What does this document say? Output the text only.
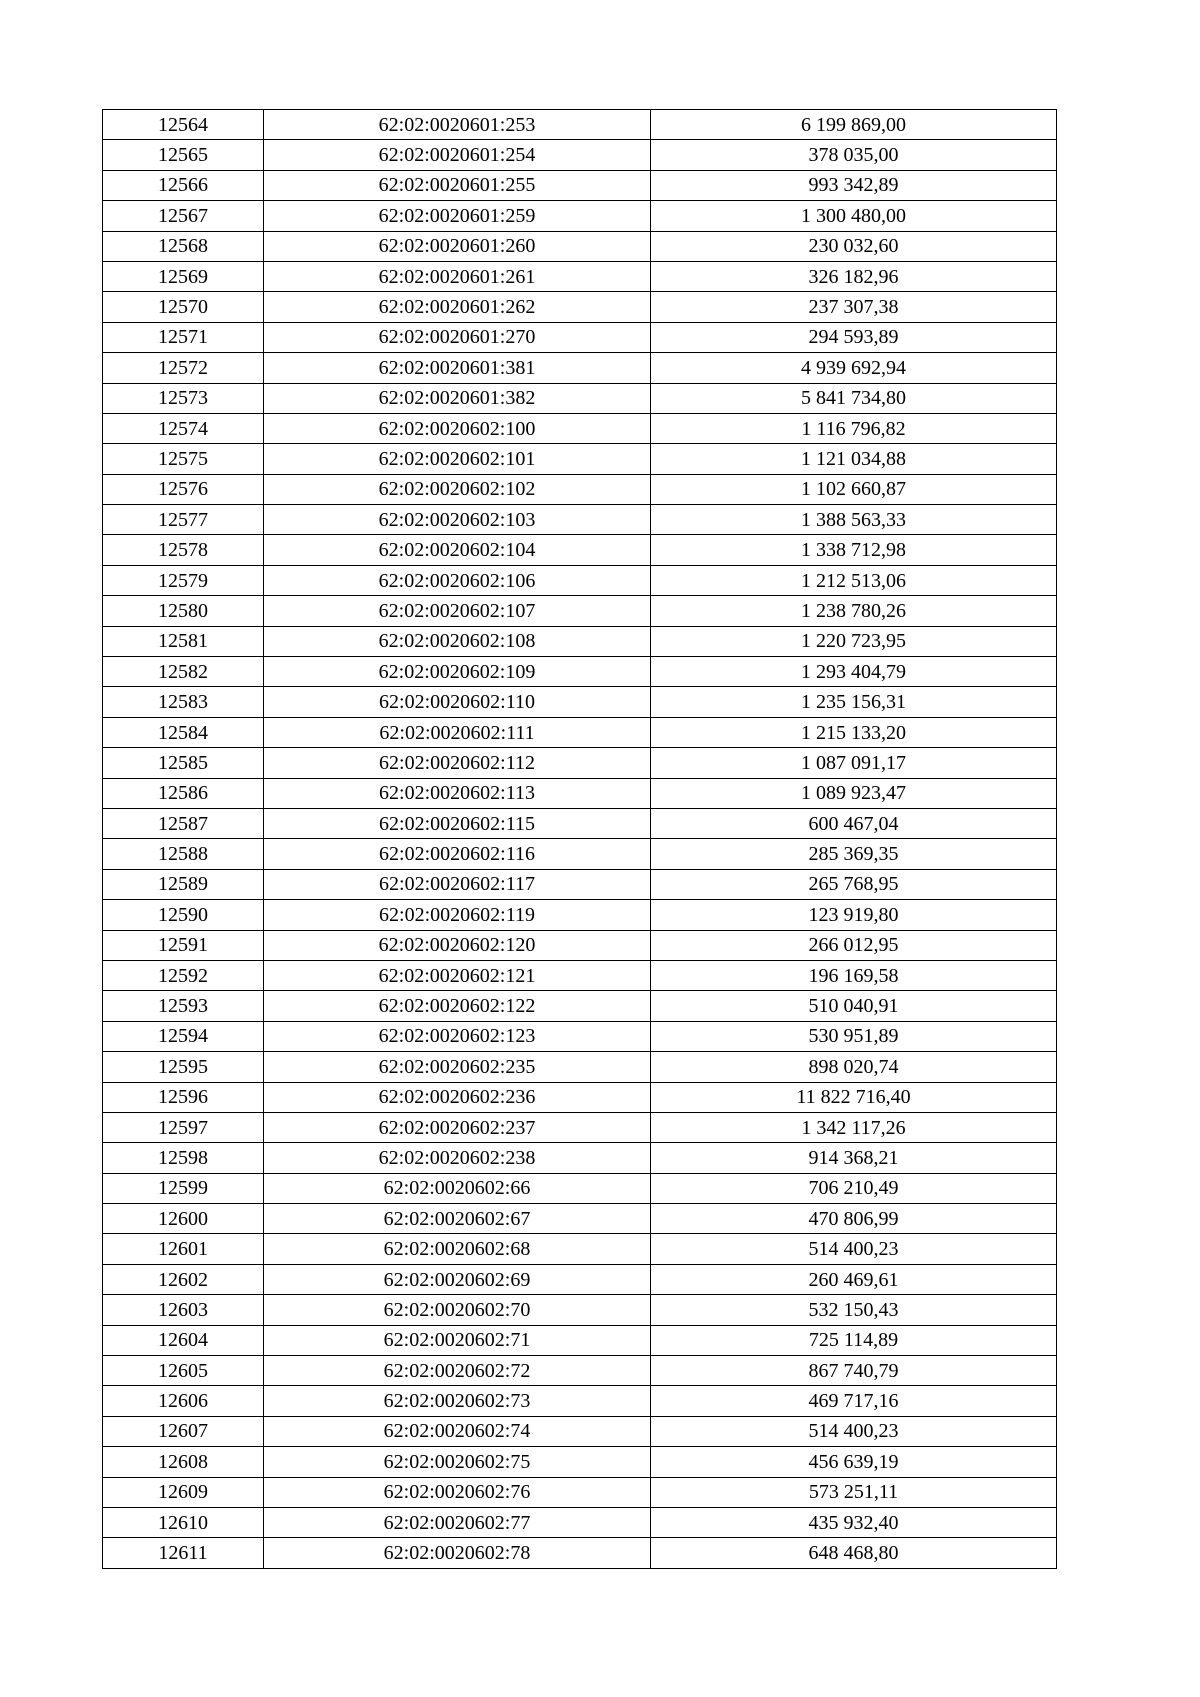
12564	62:02:0020601:253	6 199 869,00
12565	62:02:0020601:254	378 035,00
12566	62:02:0020601:255	993 342,89
12567	62:02:0020601:259	1 300 480,00
12568	62:02:0020601:260	230 032,60
12569	62:02:0020601:261	326 182,96
12570	62:02:0020601:262	237 307,38
12571	62:02:0020601:270	294 593,89
12572	62:02:0020601:381	4 939 692,94
12573	62:02:0020601:382	5 841 734,80
12574	62:02:0020602:100	1 116 796,82
12575	62:02:0020602:101	1 121 034,88
12576	62:02:0020602:102	1 102 660,87
12577	62:02:0020602:103	1 388 563,33
12578	62:02:0020602:104	1 338 712,98
12579	62:02:0020602:106	1 212 513,06
12580	62:02:0020602:107	1 238 780,26
12581	62:02:0020602:108	1 220 723,95
12582	62:02:0020602:109	1 293 404,79
12583	62:02:0020602:110	1 235 156,31
12584	62:02:0020602:111	1 215 133,20
12585	62:02:0020602:112	1 087 091,17
12586	62:02:0020602:113	1 089 923,47
12587	62:02:0020602:115	600 467,04
12588	62:02:0020602:116	285 369,35
12589	62:02:0020602:117	265 768,95
12590	62:02:0020602:119	123 919,80
12591	62:02:0020602:120	266 012,95
12592	62:02:0020602:121	196 169,58
12593	62:02:0020602:122	510 040,91
12594	62:02:0020602:123	530 951,89
12595	62:02:0020602:235	898 020,74
12596	62:02:0020602:236	11 822 716,40
12597	62:02:0020602:237	1 342 117,26
12598	62:02:0020602:238	914 368,21
12599	62:02:0020602:66	706 210,49
12600	62:02:0020602:67	470 806,99
12601	62:02:0020602:68	514 400,23
12602	62:02:0020602:69	260 469,61
12603	62:02:0020602:70	532 150,43
12604	62:02:0020602:71	725 114,89
12605	62:02:0020602:72	867 740,79
12606	62:02:0020602:73	469 717,16
12607	62:02:0020602:74	514 400,23
12608	62:02:0020602:75	456 639,19
12609	62:02:0020602:76	573 251,11
12610	62:02:0020602:77	435 932,40
12611	62:02:0020602:78	648 468,80
